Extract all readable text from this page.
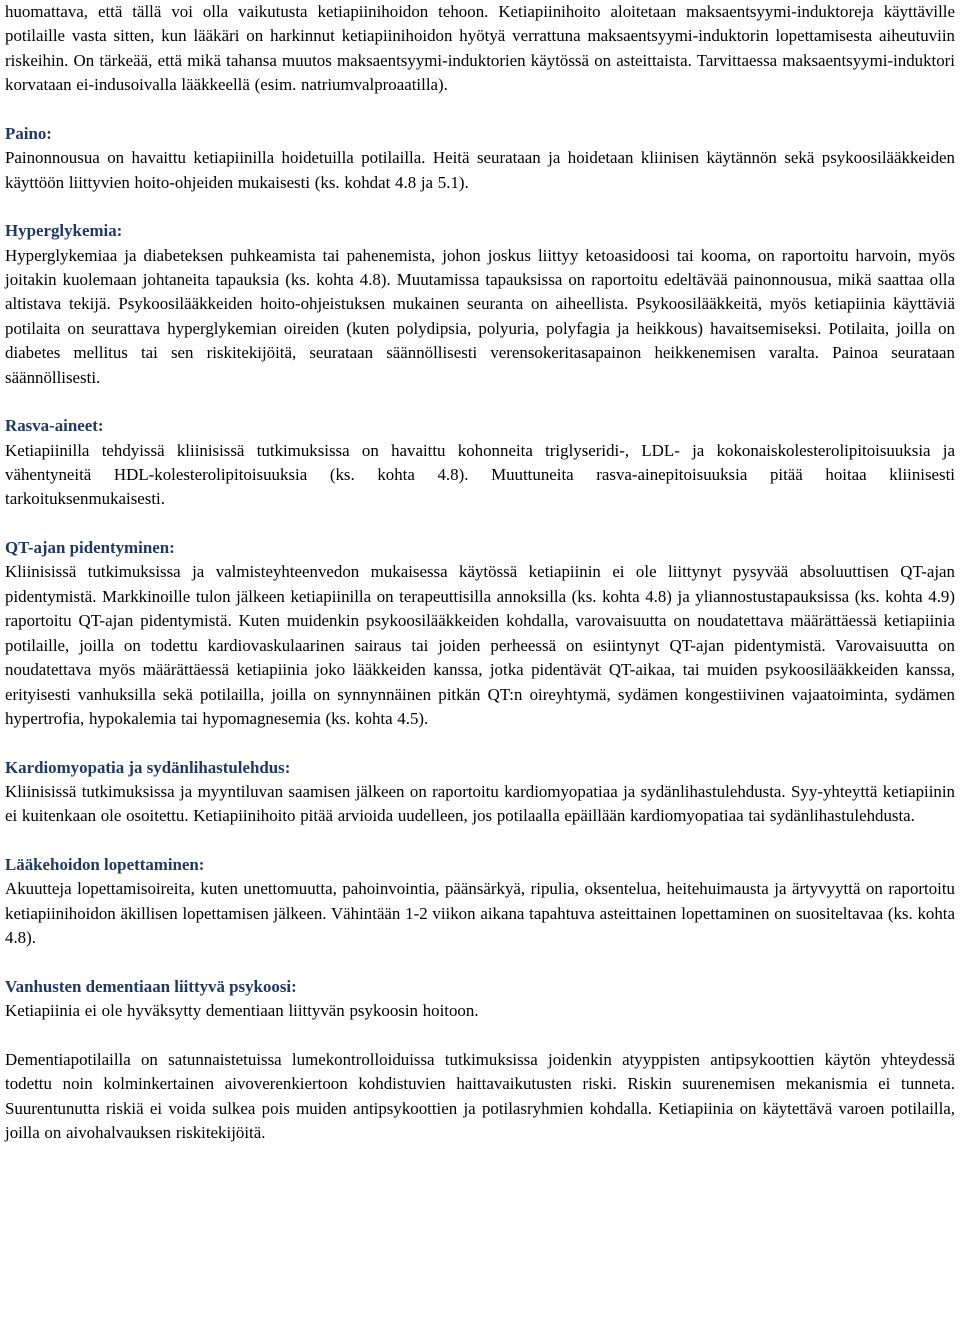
huomattava, että tällä voi olla vaikutusta ketiapiinihoidon tehoon. Ketiapiinihoito aloitetaan maksaentsyymi-induktoreja käyttäville potilaille vasta sitten, kun lääkäri on harkinnut ketiapiinihoidon hyötyä verrattuna maksaentsyymi-induktorin lopettamisesta aiheutuviin riskeihin. On tärkeää, että mikä tahansa muutos maksaentsyymi-induktorien käytössä on asteittaista. Tarvittaessa maksaentsyymi-induktori korvataan ei-indusoivalla lääkkeellä (esim. natriumvalproaatilla).

Paino:

Painonnousua on havaittu ketiapiinilla hoidetuilla potilailla. Heitä seurataan ja hoidetaan kliinisen käytännön sekä psykoosilääkkeiden käyttöön liittyvien hoito-ohjeiden mukaisesti (ks. kohdat 4.8 ja 5.1).

Hyperglykemia:

Hyperglykemiaa ja diabeteksen puhkeamista tai pahenemista, johon joskus liittyy ketoasidoosi tai kooma, on raportoitu harvoin, myös joitakin kuolemaan johtaneita tapauksia (ks. kohta 4.8). Muutamissa tapauksissa on raportoitu edeltävää painonnousua, mikä saattaa olla altistava tekijä. Psykoosilääkkeiden hoito-ohjeistuksen mukainen seuranta on aiheellista. Psykoosilääkkeitä, myös ketiapiinia käyttäviä potilaita on seurattava hyperglykemian oireiden (kuten polydipsia, polyuria, polyfagia ja heikkous) havaitsemiseksi. Potilaita, joilla on diabetes mellitus tai sen riskitekijöitä, seurataan säännöllisesti verensokeritasapainon heikkenemisen varalta. Painoa seurataan säännöllisesti.

Rasva-aineet:

Ketiapiinilla tehdyissä kliinisissä tutkimuksissa on havaittu kohonneita triglyseridi-, LDL- ja kokonaiskolesterolipitoisuuksia ja vähentyneitä HDL-kolesterolipitoisuuksia (ks. kohta 4.8). Muuttuneita rasva-ainepitoisuuksia pitää hoitaa kliinisesti tarkoituksenmukaisesti.

QT-ajan pidentyminen:

Kliinisissä tutkimuksissa ja valmisteyhteenvedon mukaisessa käytössä ketiapiinin ei ole liittynyt pysyvää absoluuttisen QT-ajan pidentymistä. Markkinoille tulon jälkeen ketiapiinilla on terapeuttisilla annoksilla (ks. kohta 4.8) ja yliannostustapauksissa (ks. kohta 4.9) raportoitu QT-ajan pidentymistä. Kuten muidenkin psykoosilääkkeiden kohdalla, varovaisuutta on noudatettava määrättäessä ketiapiinia potilaille, joilla on todettu kardiovaskulaarinen sairaus tai joiden perheessä on esiintynyt QT-ajan pidentymistä. Varovaisuutta on noudatettava myös määrättäessä ketiapiinia joko lääkkeiden kanssa, jotka pidentävät QT-aikaa, tai muiden psykoosilääkkeiden kanssa, erityisesti vanhuksilla sekä potilailla, joilla on synnynnäinen pitkän QT:n oireyhtymä, sydämen kongestiivinen vajaatoiminta, sydämen hypertrofia, hypokalemia tai hypomagnesemia (ks. kohta 4.5).

Kardiomyopatia ja sydänlihastulehdus:

Kliinisissä tutkimuksissa ja myyntiluvan saamisen jälkeen on raportoitu kardiomyopatiaa ja sydänlihastulehdusta. Syy-yhteyttä ketiapiinin ei kuitenkaan ole osoitettu. Ketiapiinihoito pitää arvioida uudelleen, jos potilaalla epäillään kardiomyopatiaa tai sydänlihastulehdusta.

Lääkehoidon lopettaminen:

Akuutteja lopettamisoireita, kuten unettomuutta, pahoinvointia, päänsärkyä, ripulia, oksentelua, heitehuimausta ja ärtyvyyttä on raportoitu ketiapiinihoidon äkillisen lopettamisen jälkeen. Vähintään 1-2 viikon aikana tapahtuva asteittainen lopettaminen on suositeltavaa (ks. kohta 4.8).

Vanhusten dementiaan liittyvä psykoosi:

Ketiapiinia ei ole hyväksytty dementiaan liittyvän psykoosin hoitoon.

Dementiapotilailla on satunnaistetuissa lumekontrolloiduissa tutkimuksissa joidenkin atyyppisten antipsykoottien käytön yhteydessä todettu noin kolminkertainen aivoverenkiertoon kohdistuvien haittavaikutusten riski. Riskin suurenemisen mekanismia ei tunneta. Suurentunutta riskiä ei voida sulkea pois muiden antipsykoottien ja potilasryhmien kohdalla. Ketiapiinia on käytettävä varoen potilailla, joilla on aivohalvauksen riskitekijöitä.
